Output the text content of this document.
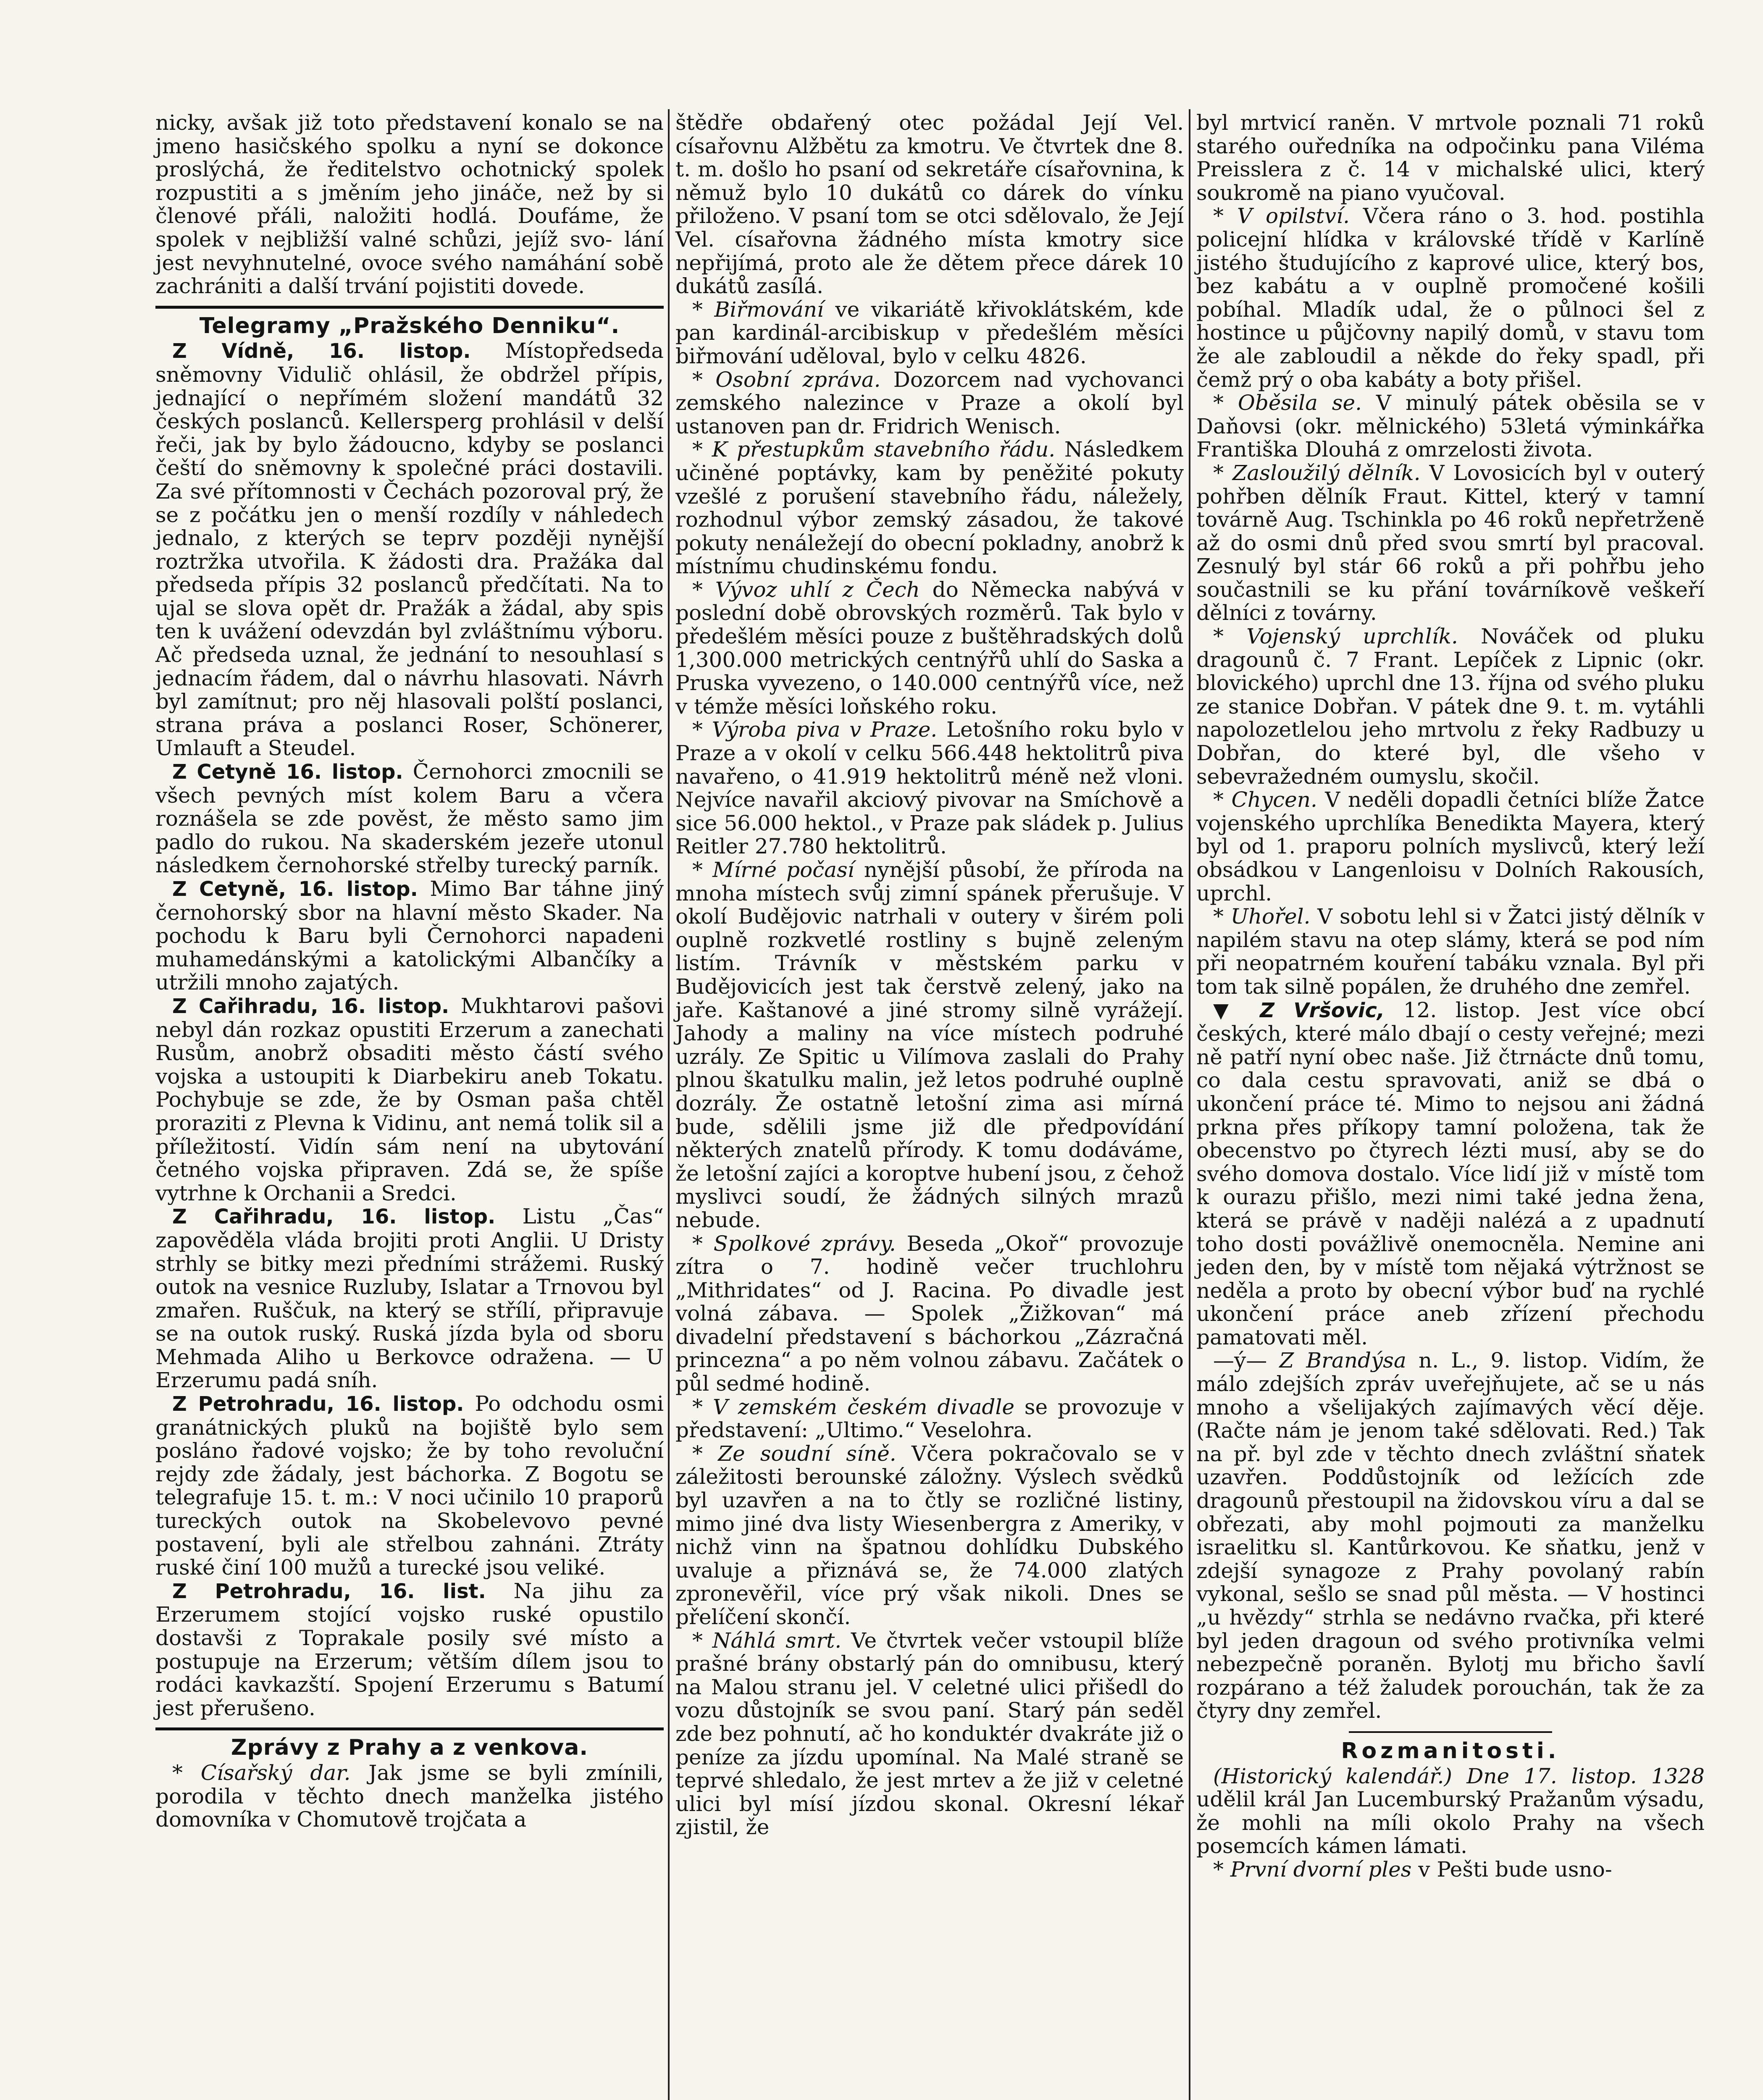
nicky, avšak již toto představení konalo se na jmeno hasičského spolku a nyní se dokonce proslýchá, že ředitelstvo ochotnický spolek rozpustiti a s jměním jeho jináče, než by si členové přáli, naložiti hodlá. Doufáme, že spolek v nejbližší valné schůzi, jejíž svo- lání jest nevyhnutelné, ovoce svého namáhání sobě zachrániti a další trvání pojistiti dovede.

Telegramy „Pražského Denniku“.

Z Vídně, 16. listop. Místopředseda sněmovny Vidulič ohlásil, že obdržel přípis, jednající o nepřímém složení mandátů 32 českých poslanců. Kellersperg prohlásil v delší řeči, jak by bylo žádoucno, kdyby se poslanci čeští do sněmovny k společné práci dostavili. Za své přítomnosti v Čechách pozoroval prý, že se z počátku jen o menší rozdíly v náhledech jednalo, z kterých se teprv později nynější roztržka utvořila. K žádosti dra. Pražáka dal předseda přípis 32 poslanců předčítati. Na to ujal se slova opět dr. Pražák a žádal, aby spis ten k uvážení odevzdán byl zvláštnímu výboru. Ač předseda uznal, že jednání to nesouhlasí s jednacím řádem, dal o návrhu hlasovati. Návrh byl zamítnut; pro něj hlasovali polští poslanci, strana práva a poslanci Roser, Schönerer, Umlauft a Steudel.

Z Cetyně 16. listop. Černohorci zmocnili se všech pevných míst kolem Baru a včera roznášela se zde pověst, že město samo jim padlo do rukou. Na skaderském jezeře utonul následkem černohorské střelby turecký parník.

Z Cetyně, 16. listop. Mimo Bar táhne jiný černohorský sbor na hlavní město Skader. Na pochodu k Baru byli Černohorci napadeni muhamedánskými a katolickými Albančíky a utržili mnoho zajatých.

Z Cařihradu, 16. listop. Mukhtarovi pašovi nebyl dán rozkaz opustiti Erzerum a zanechati Rusům, anobrž obsaditi město částí svého vojska a ustoupiti k Diarbekiru aneb Tokatu. Pochybuje se zde, že by Osman paša chtěl proraziti z Plevna k Vidinu, ant nemá tolik sil a příležitostí. Vidín sám není na ubytování četného vojska připraven. Zdá se, že spíše vytrhne k Orchanii a Sredci.

Z Cařihradu, 16. listop. Listu „Čas“ zapověděla vláda brojiti proti Anglii. U Dristy strhly se bitky mezi předními strážemi. Ruský outok na vesnice Ruzluby, Islatar a Trnovou byl zmařen. Ruščuk, na který se střílí, připravuje se na outok ruský. Ruská jízda byla od sboru Mehmada Aliho u Berkovce odražena. — U Erzerumu padá sníh.

Z Petrohradu, 16. listop. Po odchodu osmi granátnických pluků na bojiště bylo sem posláno řadové vojsko; že by toho revoluční rejdy zde žádaly, jest báchorka. Z Bogotu se telegrafuje 15. t. m.: V noci učinilo 10 praporů tureckých outok na Skobelevovo pevné postavení, byli ale střelbou zahnáni. Ztráty ruské činí 100 mužů a turecké jsou veliké.

Z Petrohradu, 16. list. Na jihu za Erzerumem stojící vojsko ruské opustilo dostavši z Toprakale posily své místo a postupuje na Erzerum; větším dílem jsou to rodáci kavkazští. Spojení Erzerumu s Batumí jest přerušeno.

Zprávy z Prahy a z venkova.

* Císařský dar. Jak jsme se byli zmínili, porodila v těchto dnech manželka jistého domovníka v Chomutově trojčata a

štědře obdařený otec požádal Její Vel. císařovnu Alžbětu za kmotru. Ve čtvrtek dne 8. t. m. došlo ho psaní od sekretáře císařovnina, k němuž bylo 10 dukátů co dárek do vínku přiloženo. V psaní tom se otci sdělovalo, že Její Vel. císařovna žádného místa kmotry sice nepřijímá, proto ale že dětem přece dárek 10 dukátů zasílá.

* Biřmování ve vikariátě křivoklátském, kde pan kardinál-arcibiskup v předešlém měsíci biřmování uděloval, bylo v celku 4826.

* Osobní zpráva. Dozorcem nad vychovanci zemského nalezince v Praze a okolí byl ustanoven pan dr. Fridrich Wenisch.

* K přestupkům stavebního řádu. Následkem učiněné poptávky, kam by peněžité pokuty vzešlé z porušení stavebního řádu, náležely, rozhodnul výbor zemský zásadou, že takové pokuty nenáležejí do obecní pokladny, anobrž k místnímu chudinskému fondu.

* Vývoz uhlí z Čech do Německa nabývá v poslední době obrovských rozměrů. Tak bylo v předešlém měsíci pouze z buštěhradských dolů 1,300.000 metrických centnýřů uhlí do Saska a Pruska vyvezeno, o 140.000 centnýřů více, než v témže měsíci loňského roku.

* Výroba piva v Praze. Letošního roku bylo v Praze a v okolí v celku 566.448 hektolitrů piva navařeno, o 41.919 hektolitrů méně než vloni. Nejvíce navařil akciový pivovar na Smíchově a sice 56.000 hektol., v Praze pak sládek p. Julius Reitler 27.780 hektolitrů.

* Mírné počasí nynější působí, že příroda na mnoha místech svůj zimní spánek přerušuje. V okolí Budějovic natrhali v outery v širém poli ouplně rozkvetlé rostliny s bujně zeleným listím. Trávník v městském parku v Budějovicích jest tak čerstvě zelený, jako na jaře. Kaštanové a jiné stromy silně vyrážejí. Jahody a maliny na více místech podruhé uzrály. Ze Spitic u Vilímova zaslali do Prahy plnou škatulku malin, jež letos podruhé ouplně dozrály. Že ostatně letošní zima asi mírná bude, sdělili jsme již dle předpovídání některých znatelů přírody. K tomu dodáváme, že letošní zajíci a koroptve hubení jsou, z čehož myslivci soudí, že žádných silných mrazů nebude.

* Spolkové zprávy. Beseda „Okoř“ provozuje zítra o 7. hodině večer truchlohru „Mithridates“ od J. Racina. Po divadle jest volná zábava. — Spolek „Žižkovan“ má divadelní představení s báchorkou „Zázračná princezna“ a po něm volnou zábavu. Začátek o půl sedmé hodině.

* V zemském českém divadle se provozuje v představení: „Ultimo.“ Veselohra.

* Ze soudní síně. Včera pokračovalo se v záležitosti berounské záložny. Výslech svědků byl uzavřen a na to čtly se rozličné listiny, mimo jiné dva listy Wiesenbergra z Ameriky, v nichž vinn na špatnou dohlídku Dubského uvaluje a přiznává se, že 74.000 zlatých zpronevěřil, více prý však nikoli. Dnes se přelíčení skončí.

* Náhlá smrt. Ve čtvrtek večer vstoupil blíže prašné brány obstarlý pán do omnibusu, který na Malou stranu jel. V celetné ulici přišedl do vozu důstojník se svou paní. Starý pán seděl zde bez pohnutí, ač ho konduktér dvakráte již o peníze za jízdu upomínal. Na Malé straně se teprvé shledalo, že jest mrtev a že již v celetné ulici byl mísí jízdou skonal. Okresní lékař zjistil, že

byl mrtvicí raněn. V mrtvole poznali 71 roků starého ouředníka na odpočinku pana Viléma Preisslera z č. 14 v michalské ulici, který soukromě na piano vyučoval.

* V opilství. Včera ráno o 3. hod. postihla policejní hlídka v královské třídě v Karlíně jistého študujícího z kaprové ulice, který bos, bez kabátu a v ouplně promočené košili pobíhal. Mladík udal, že o půlnoci šel z hostince u půjčovny napilý domů, v stavu tom že ale zabloudil a někde do řeky spadl, při čemž prý o oba kabáty a boty přišel.

* Oběsila se. V minulý pátek oběsila se v Daňovsi (okr. mělnického) 53letá výminkářka Františka Dlouhá z omrzelosti života.

* Zasloužilý dělník. V Lovosicích byl v outerý pohřben dělník Fraut. Kittel, který v tamní továrně Aug. Tschinkla po 46 roků nepřetrženě až do osmi dnů před svou smrtí byl pracoval. Zesnulý byl stár 66 roků a při pohřbu jeho součastnili se ku přání továrníkově veškeří dělníci z továrny.

* Vojenský uprchlík. Nováček od pluku dragounů č. 7 Frant. Lepíček z Lipnic (okr. blovického) uprchl dne 13. října od svého pluku ze stanice Dobřan. V pátek dne 9. t. m. vytáhli napolozetlelou jeho mrtvolu z řeky Radbuzy u Dobřan, do které byl, dle všeho v sebevražedném oumyslu, skočil.

* Chycen. V neděli dopadli četníci blíže Žatce vojenského uprchlíka Benedikta Mayera, který byl od 1. praporu polních myslivců, který leží obsádkou v Langenloisu v Dolních Rakousích, uprchl.

* Uhořel. V sobotu lehl si v Žatci jistý dělník v napilém stavu na otep slámy, která se pod ním při neopatrném kouření tabáku vznala. Byl při tom tak silně popálen, že druhého dne zemřel.

▼ Z Vršovic, 12. listop. Jest více obcí českých, které málo dbají o cesty veřejné; mezi ně patří nyní obec naše. Již čtrnácte dnů tomu, co dala cestu spravovati, aniž se dbá o ukončení práce té. Mimo to nejsou ani žádná prkna přes příkopy tamní položena, tak že obecenstvo po čtyrech lézti musí, aby se do svého domova dostalo. Více lidí již v místě tom k ourazu přišlo, mezi nimi také jedna žena, která se právě v naději nalézá a z upadnutí toho dosti povážlivě onemocněla. Nemine ani jeden den, by v místě tom nějaká výtržnost se neděla a proto by obecní výbor buď na rychlé ukončení práce aneb zřízení přechodu pamatovati měl.

—ý— Z Brandýsa n. L., 9. listop. Vidím, že málo zdejších zpráv uveřejňujete, ač se u nás mnoho a všelijakých zajímavých věcí děje. (Račte nám je jenom také sdělovati. Red.) Tak na př. byl zde v těchto dnech zvláštní sňatek uzavřen. Poddůstojník od ležících zde dragounů přestoupil na židovskou víru a dal se obřezati, aby mohl pojmouti za manželku israelitku sl. Kantůrkovou. Ke sňatku, jenž v zdejší synagoze z Prahy povolaný rabín vykonal, sešlo se snad půl města. — V hostinci „u hvězdy“ strhla se nedávno rvačka, při které byl jeden dragoun od svého protivníka velmi nebezpečně poraněn. Bylotj mu břicho šavlí rozpárano a též žaludek porouchán, tak že za čtyry dny zemřel.

Rozmanitosti.

(Historický kalendář.) Dne 17. listop. 1328 udělil král Jan Lucemburský Pražanům výsadu, že mohli na míli okolo Prahy na všech posemcích kámen lámati.

* První dvorní ples v Pešti bude usno-
